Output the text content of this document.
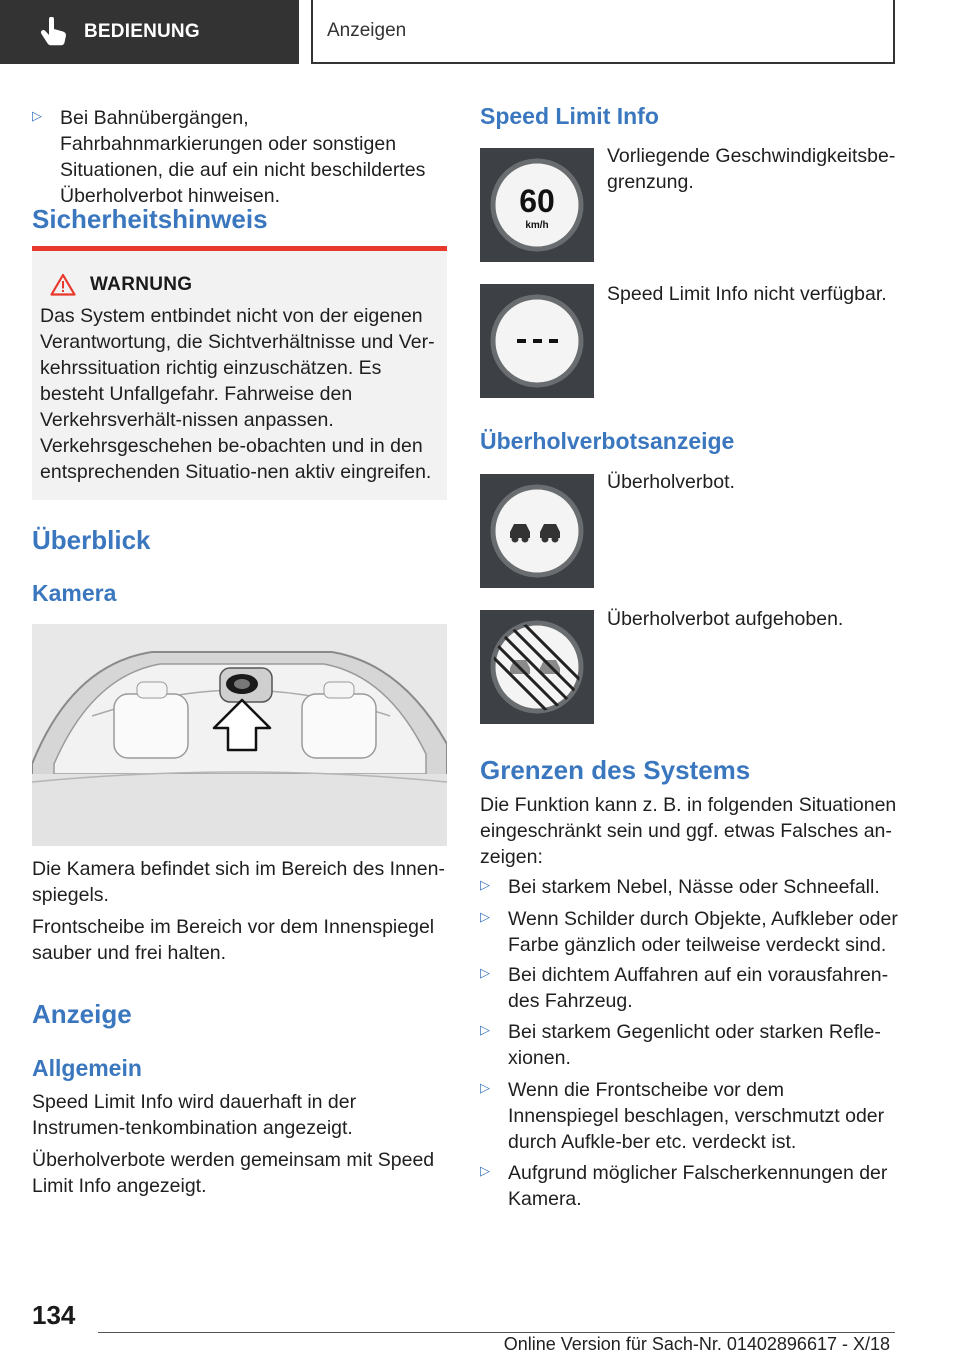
BEDIENUNG	Anzeigen
▷ Bei Bahnübergängen, Fahrbahnmarkierungen oder sonstigen Situationen, die auf ein nicht beschildertes Überholverbot hinweisen.
Sicherheitshinweis
WARNUNG

Das System entbindet nicht von der eigenen Verantwortung, die Sichtverhältnisse und Ver-kehrssituation richtig einzuschätzen. Es besteht Unfallgefahr. Fahrweise den Verkehrsverhält-nissen anpassen. Verkehrsgeschehen be-obachten und in den entsprechenden Situatio-nen aktiv eingreifen.

Überblick
Kamera

Die Kamera befindet sich im Bereich des Innen-spiegels.

Frontscheibe im Bereich vor dem Innenspiegel sauber und frei halten.

Anzeige
Allgemein

Speed Limit Info wird dauerhaft in der Instrumen-tenkombination angezeigt.

Überholverbote werden gemeinsam mit Speed Limit Info angezeigt.

Speed Limit Info
60
km/h

Vorliegende Geschwindigkeitsbe-grenzung.

Speed Limit Info nicht verfügbar.

Überholverbotsanzeige

Überholverbot.

Überholverbot aufgehoben.

Grenzen des Systems

Die Funktion kann z. B. in folgenden Situationen eingeschränkt sein und ggf. etwas Falsches an-zeigen:

▷ Bei starkem Nebel, Nässe oder Schneefall.
▷ Wenn Schilder durch Objekte, Aufkleber oder Farbe gänzlich oder teilweise verdeckt sind.
▷ Bei dichtem Auffahren auf ein vorausfahren-des Fahrzeug.
▷ Bei starkem Gegenlicht oder starken Refle-xionen.
▷ Wenn die Frontscheibe vor dem Innenspiegel beschlagen, verschmutzt oder durch Aufkle-ber etc. verdeckt ist.
▷ Aufgrund möglicher Falscherkennungen der Kamera.
134
Online Version für Sach-Nr. 01402896617 - X/18
